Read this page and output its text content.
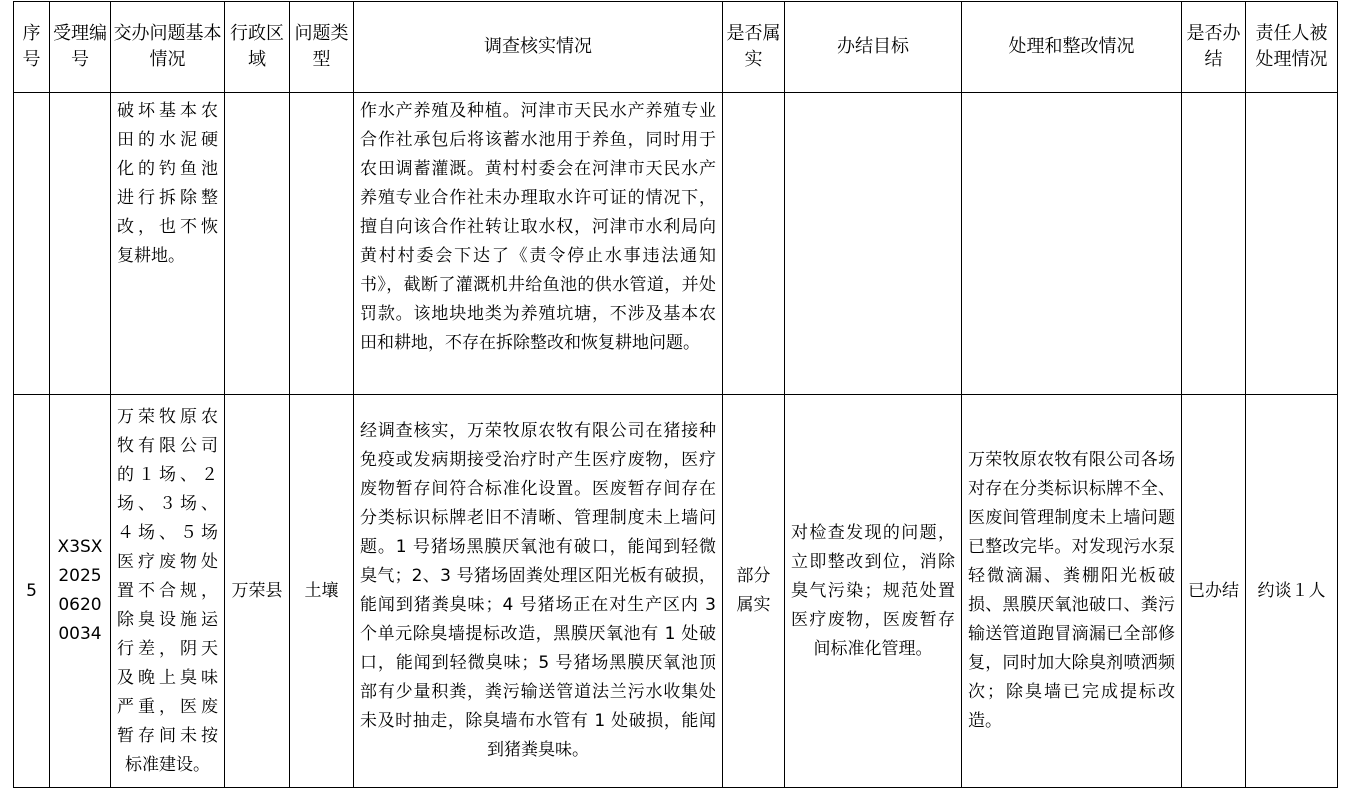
序号	受理编号	交办问题基本情况	行政区域	问题类型	调查核实情况	是否属实	办结目标	处理和整改情况	是否办结	责任人被处理情况
		破坏基本农田的水泥硬化的钓鱼池进行拆除整改，也不恢复耕地。			作水产养殖及种植。河津市天民水产养殖专业合作社承包后将该蓄水池用于养鱼，同时用于农田调蓄灌溉。黄村村委会在河津市天民水产养殖专业合作社未办理取水许可证的情况下，擅自向该合作社转让取水权，河津市水利局向黄村村委会下达了《责令停止水事违法通知书》，截断了灌溉机井给鱼池的供水管道，并处罚款。该地块地类为养殖坑塘，不涉及基本农田和耕地，不存在拆除整改和恢复耕地问题。					
5	X3SX20250620 0034	万荣牧原农牧有限公司的１场、２场、３场、４场、５场医疗废物处置不合规，除臭设施运行差，阴天及晚上臭味严重，医废暂存间未按标准建设。	万荣县	土壤	经调查核实，万荣牧原农牧有限公司在猪接种免疫或发病期接受治疗时产生医疗废物，医疗废物暂存间符合标准化设置。医废暂存间存在分类标识标牌老旧不清晰、管理制度未上墙问题。1 号猪场黑膜厌氧池有破口，能闻到轻微臭气；2、3 号猪场固粪处理区阳光板有破损，能闻到猪粪臭味；4 号猪场正在对生产区内 3 个单元除臭墙提标改造，黑膜厌氧池有 1 处破口，能闻到轻微臭味；5 号猪场黑膜厌氧池顶部有少量积粪，粪污输送管道法兰污水收集处未及时抽走，除臭墙布水管有 1 处破损，能闻到猪粪臭味。	部分属实	对检查发现的问题，立即整改到位，消除臭气污染；规范处置医疗废物，医废暂存间标准化管理。	万荣牧原农牧有限公司各场对存在分类标识标牌不全、医废间管理制度未上墙问题已整改完毕。对发现污水泵轻微滴漏、粪棚阳光板破损、黑膜厌氧池破口、粪污输送管道跑冒滴漏已全部修复，同时加大除臭剂喷洒频次；除臭墙已完成提标改造。	已办结	约谈１人
